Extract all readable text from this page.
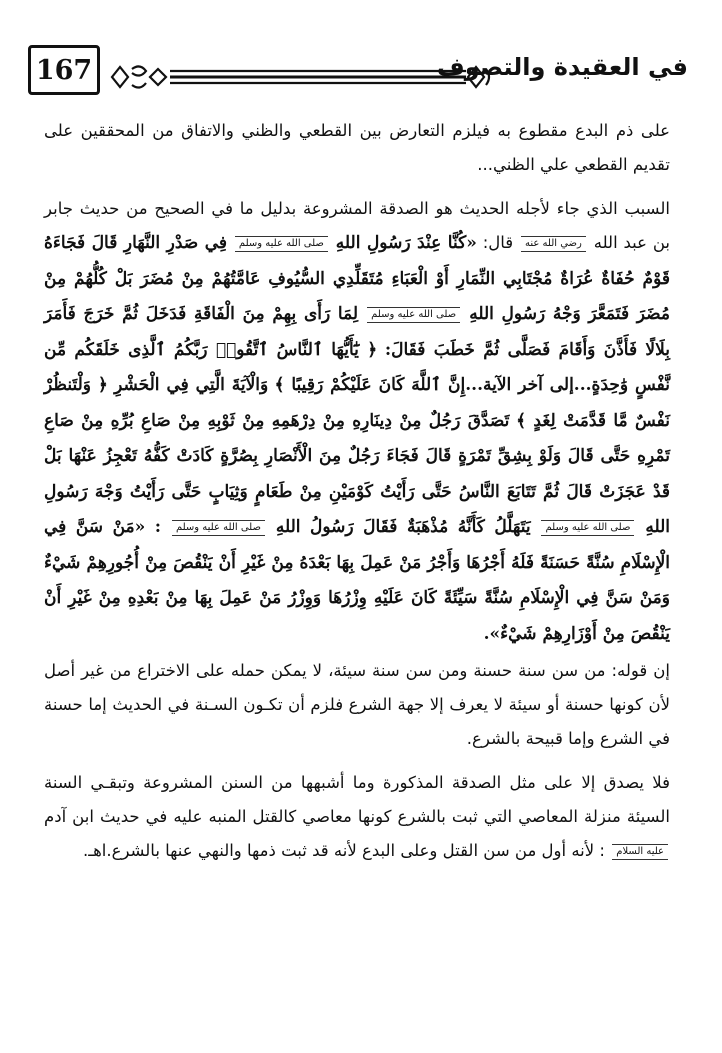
167	في العقيدة والتصوف

على ذم البدع مقطوع به فيلزم التعارض بين القطعي والظني والاتفاق من المحققين على تقديم القطعي علي الظني...

السبب الذي جاء لأجله الحديث هو الصدقة المشروعة بدليل ما في الصحيح من حديث جابر بن عبد الله رضي الله عنه قال: «كُنَّا عِنْدَ رَسُولِ اللهِ صلى الله عليه وسلم فِي صَدْرِ النَّهَارِ قَالَ فَجَاءَهُ قَوْمٌ حُفَاةٌ عُرَاةٌ مُجْتَابِي النِّمَارِ أَوْ الْعَبَاءِ مُتَقَلِّدِي السُّيُوفِ عَامَّتُهُمْ مِنْ مُضَرَ بَلْ كُلُّهُمْ مِنْ مُضَرَ فَتَمَعَّرَ وَجْهُ رَسُولِ اللهِ صلى الله عليه وسلم لِمَا رَأَى بِهِمْ مِنَ الْفَاقَةِ فَدَخَلَ ثُمَّ خَرَجَ فَأَمَرَ بِلَالًا فَأَذَّنَ وَأَقَامَ فَصَلَّى ثُمَّ خَطَبَ فَقَالَ: ﴿ يَٰٓأَيُّهَا ٱلنَّاسُ ٱتَّقُوا۟ رَبَّكُمُ ٱلَّذِى خَلَقَكُم مِّن نَّفْسٍ وَٰحِدَةٍ...إلى آخر الآية...إِنَّ ٱللَّهَ كَانَ عَلَيْكُمْ رَقِيبًا ﴾ وَالْآيَةَ الَّتِي فِي الْحَشْرِ ﴿ وَلْتَنظُرْ نَفْسٌ مَّا قَدَّمَتْ لِغَدٍ ﴾ تَصَدَّقَ رَجُلٌ مِنْ دِينَارِهِ مِنْ دِرْهَمِهِ مِنْ ثَوْبِهِ مِنْ صَاعِ بُرِّهِ مِنْ صَاعِ تَمْرِهِ حَتَّى قَالَ وَلَوْ بِشِقِّ تَمْرَةٍ قَالَ فَجَاءَ رَجُلٌ مِنَ الْأَنْصَارِ بِصُرَّةٍ كَادَتْ كَفُّهُ تَعْجِزُ عَنْهَا بَلْ قَدْ عَجَزَتْ قَالَ ثُمَّ تَتَابَعَ النَّاسُ حَتَّى رَأَيْتُ كَوْمَيْنِ مِنْ طَعَامٍ وَثِيَابٍ حَتَّى رَأَيْتُ وَجْهَ رَسُولِ اللهِ صلى الله عليه وسلم يَتَهَلَّلُ كَأَنَّهُ مُذْهَبَةٌ فَقَالَ رَسُولُ اللهِ صلى الله عليه وسلم : «مَنْ سَنَّ فِي الْإِسْلَامِ سُنَّةً حَسَنَةً فَلَهُ أَجْرُهَا وَأَجْرُ مَنْ عَمِلَ بِهَا بَعْدَهُ مِنْ غَيْرِ أَنْ يَنْقُصَ مِنْ أُجُورِهِمْ شَيْءٌ وَمَنْ سَنَّ فِي الْإِسْلَامِ سُنَّةً سَيِّئَةً كَانَ عَلَيْهِ وِزْرُهَا وَوِزْرُ مَنْ عَمِلَ بِهَا مِنْ بَعْدِهِ مِنْ غَيْرِ أَنْ يَنْقُصَ مِنْ أَوْزَارِهِمْ شَيْءٌ».

إن قوله: من سن سنة حسنة ومن سن سنة سيئة، لا يمكن حمله على الاختراع من غير أصل لأن كونها حسنة أو سيئة لا يعرف إلا جهة الشرع فلزم أن تكـون السـنة في الحديث إما حسنة في الشرع وإما قبيحة بالشرع.

فلا يصدق إلا على مثل الصدقة المذكورة وما أشبهها من السنن المشروعة وتبقـي السنة السيئة منزلة المعاصي التي ثبت بالشرع كونها معاصي كالقتل المنبه عليه في حديث ابن آدم عليه السلام : لأنه أول من سن القتل وعلى البدع لأنه قد ثبت ذمها والنهي عنها بالشرع.اهـ.
